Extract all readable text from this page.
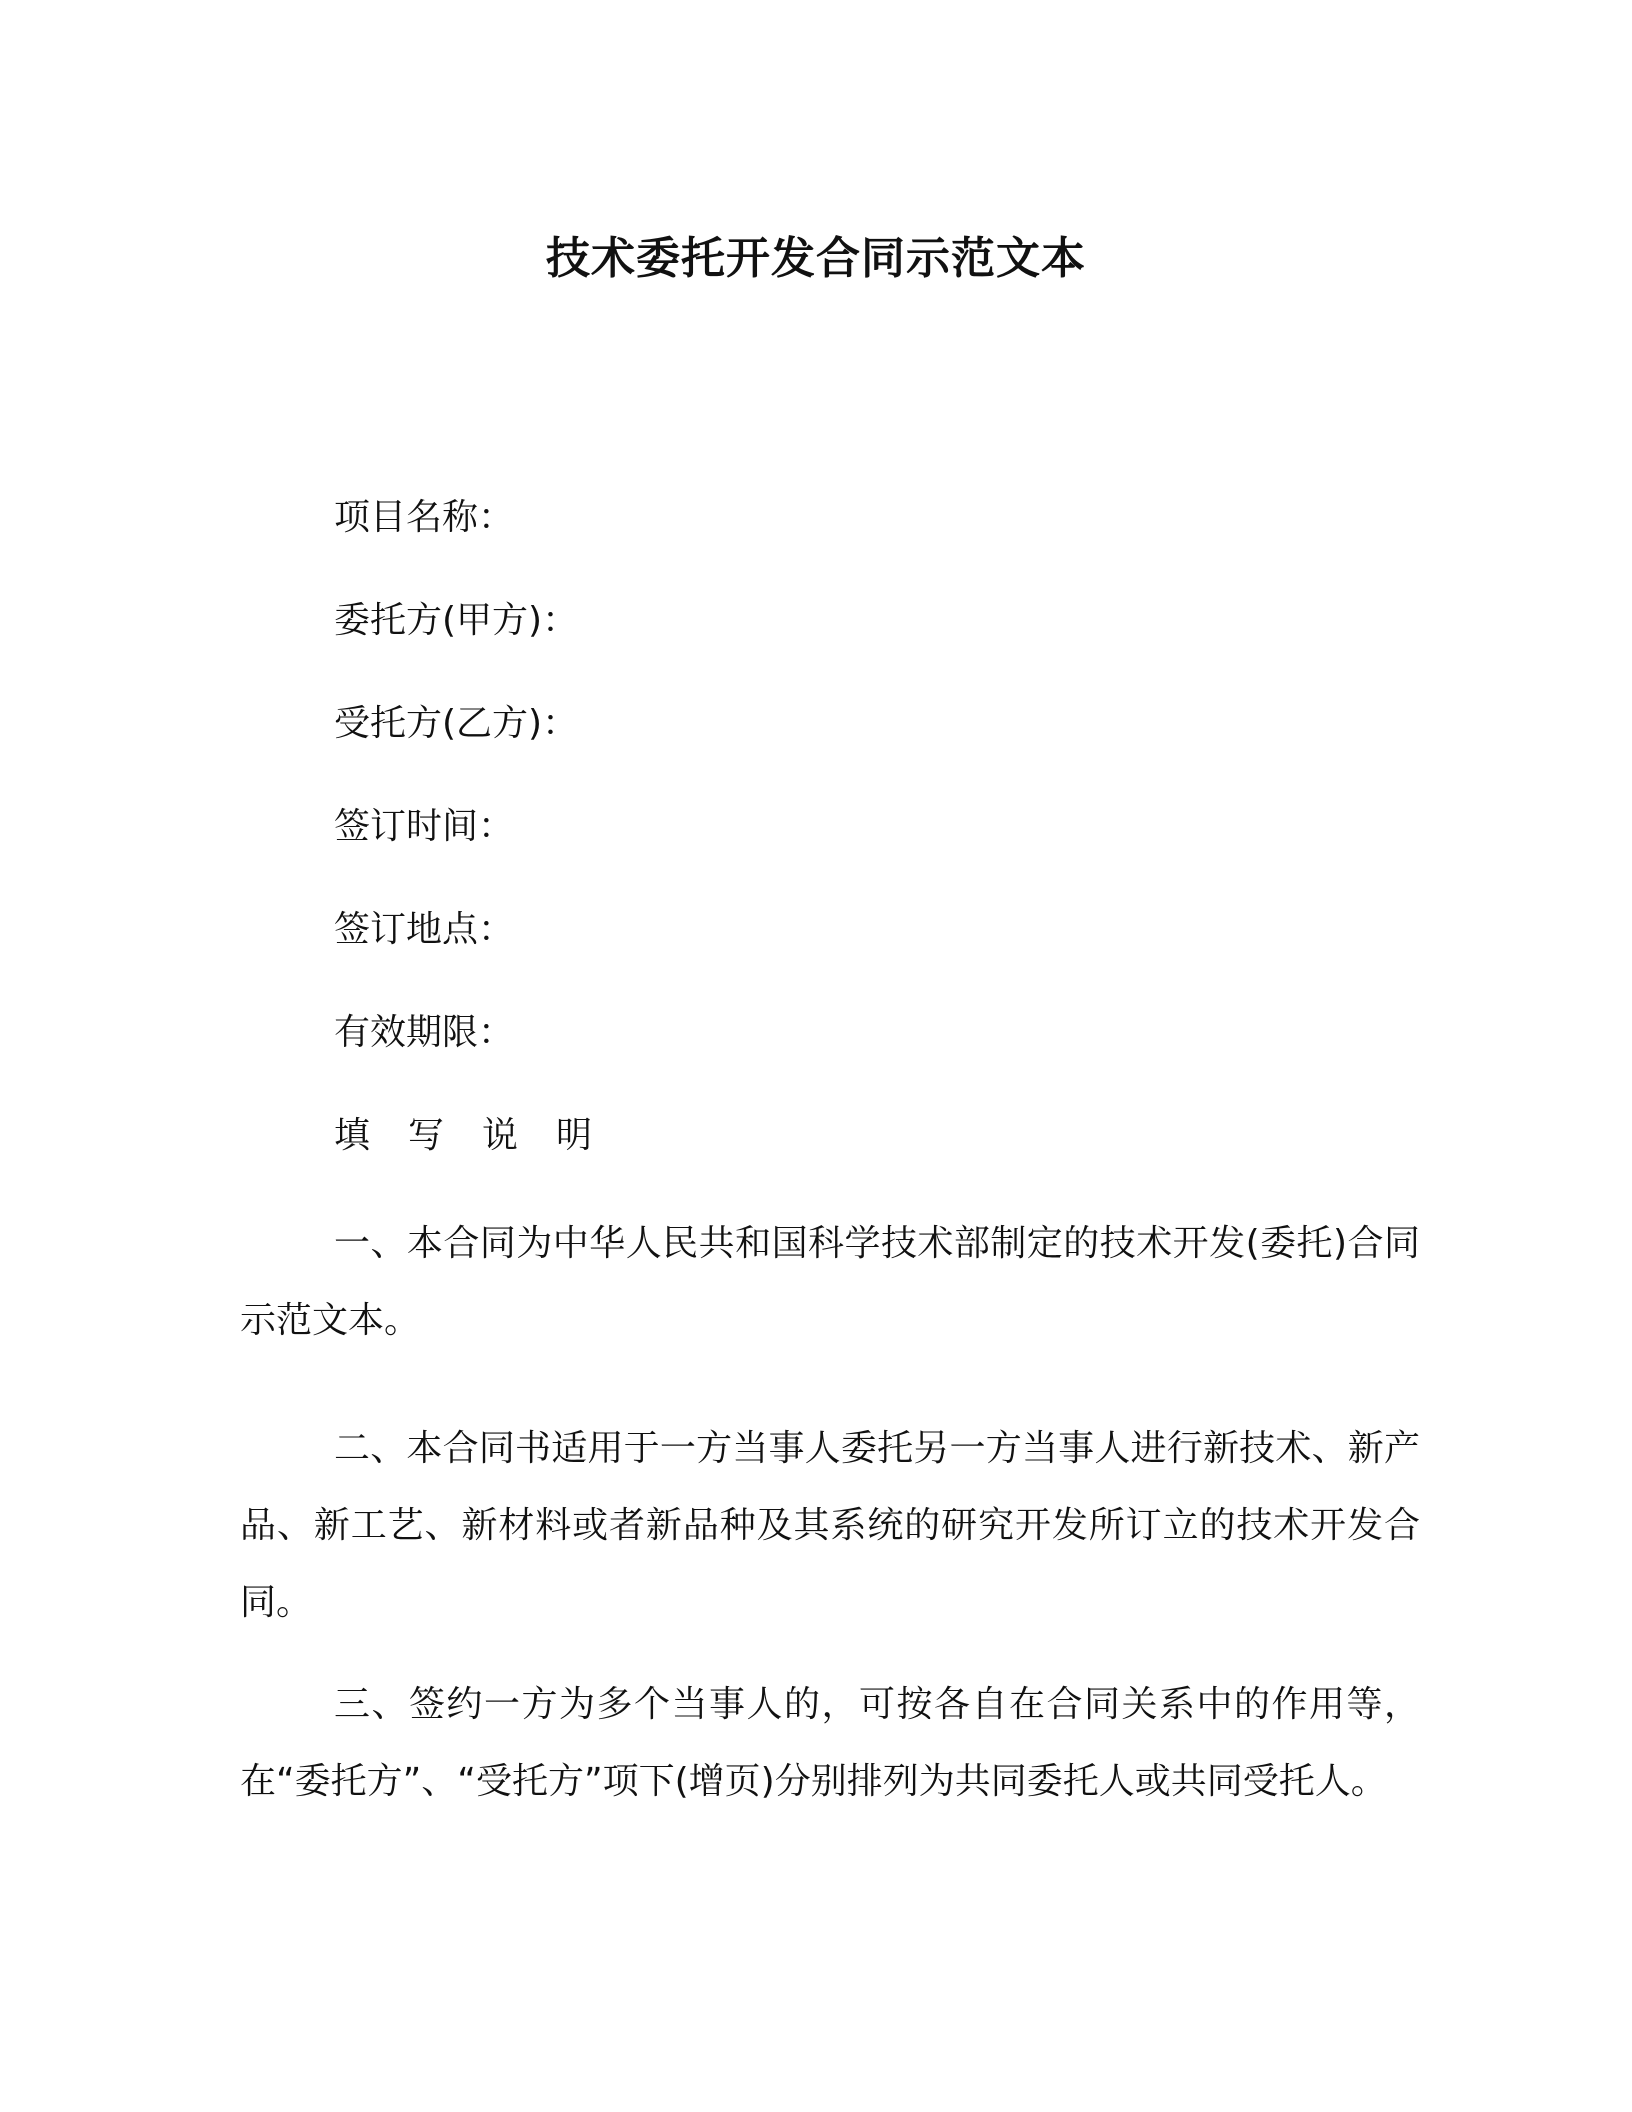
技术委托开发合同示范文本
项目名称：
委托方(甲方)：
受托方(乙方)：
签订时间：
签订地点：
有效期限：
填写说明
一、本合同为中华人民共和国科学技术部制定的技术开发(委托)合同示范文本。
二、本合同书适用于一方当事人委托另一方当事人进行新技术、新产品、新工艺、新材料或者新品种及其系统的研究开发所订立的技术开发合同。
三、签约一方为多个当事人的，可按各自在合同关系中的作用等，在“委托方”、“受托方”项下(增页)分别排列为共同委托人或共同受托人。
